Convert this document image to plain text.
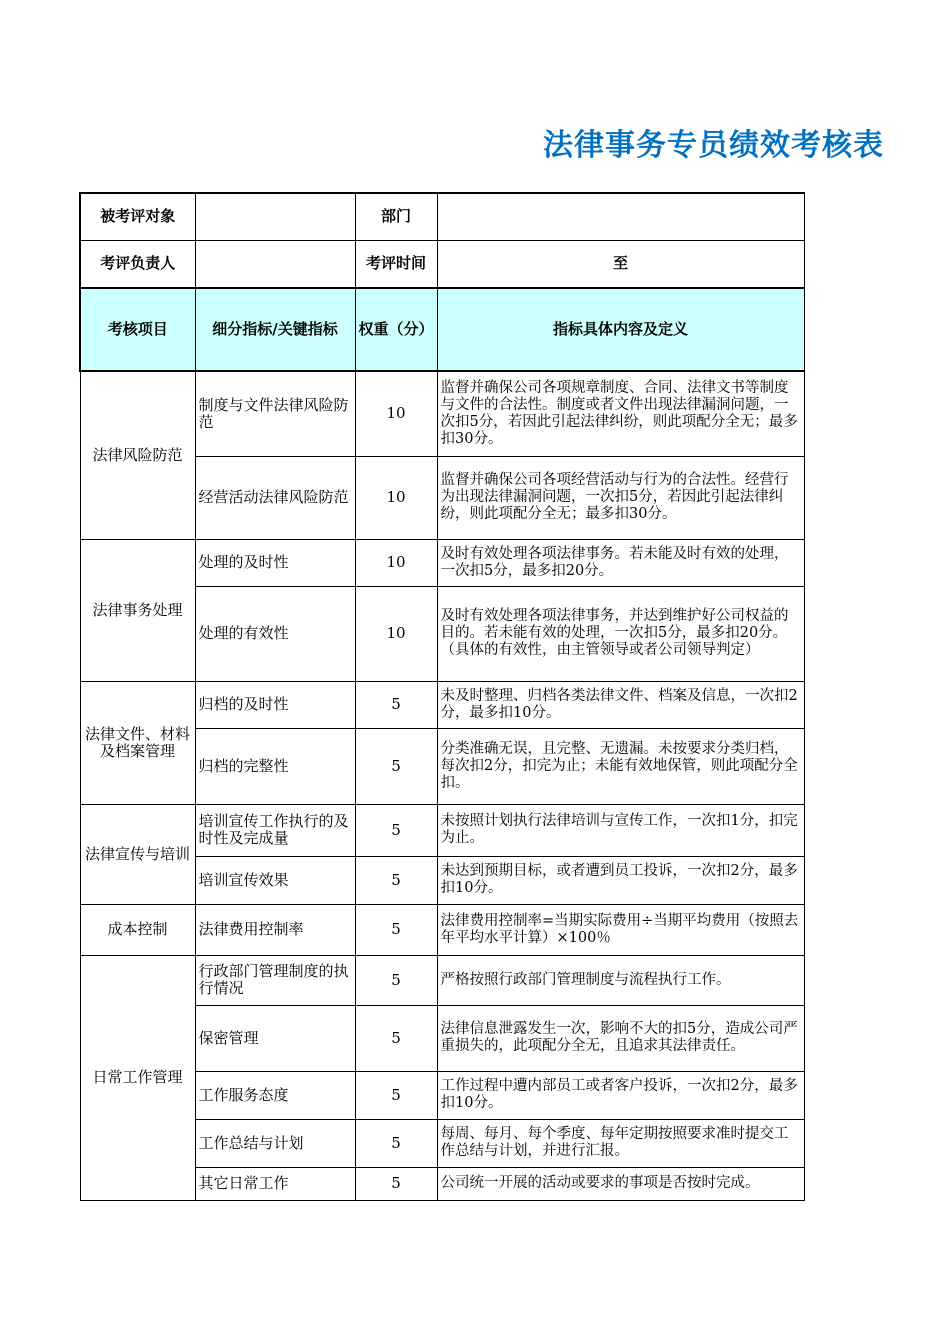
法律事务专员绩效考核表
被考评对象		部门	
考评负责人		考评时间	至
考核项目	细分指标/关键指标	权重（分）	指标具体内容及定义
法律风险防范	制度与文件法律风险防范	10	监督并确保公司各项规章制度、合同、法律文书等制度与文件的合法性。制度或者文件出现法律漏洞问题，一次扣5分，若因此引起法律纠纷，则此项配分全无；最多扣30分。
	经营活动法律风险防范	10	监督并确保公司各项经营活动与行为的合法性。经营行为出现法律漏洞问题，一次扣5分，若因此引起法律纠纷，则此项配分全无；最多扣30分。
法律事务处理	处理的及时性	10	及时有效处理各项法律事务。若未能及时有效的处理，一次扣5分，最多扣20分。
	处理的有效性	10	及时有效处理各项法律事务，并达到维护好公司权益的目的。若未能有效的处理，一次扣5分，最多扣20分。（具体的有效性，由主管领导或者公司领导判定）
法律文件、材料及档案管理	归档的及时性	5	未及时整理、归档各类法律文件、档案及信息，一次扣2分，最多扣10分。
	归档的完整性	5	分类准确无误，且完整、无遗漏。未按要求分类归档，每次扣2分，扣完为止；未能有效地保管，则此项配分全扣。
法律宣传与培训	培训宣传工作执行的及时性及完成量	5	未按照计划执行法律培训与宣传工作，一次扣1分，扣完为止。
	培训宣传效果	5	未达到预期目标，或者遭到员工投诉，一次扣2分，最多扣10分。
成本控制	法律费用控制率	5	法律费用控制率=当期实际费用÷当期平均费用（按照去年平均水平计算）×100％
日常工作管理	行政部门管理制度的执行情况	5	严格按照行政部门管理制度与流程执行工作。
	保密管理	5	法律信息泄露发生一次，影响不大的扣5分，造成公司严重损失的，此项配分全无，且追求其法律责任。
	工作服务态度	5	工作过程中遭内部员工或者客户投诉，一次扣2分，最多扣10分。
	工作总结与计划	5	每周、每月、每个季度、每年定期按照要求准时提交工作总结与计划，并进行汇报。
	其它日常工作	5	公司统一开展的活动或要求的事项是否按时完成。
